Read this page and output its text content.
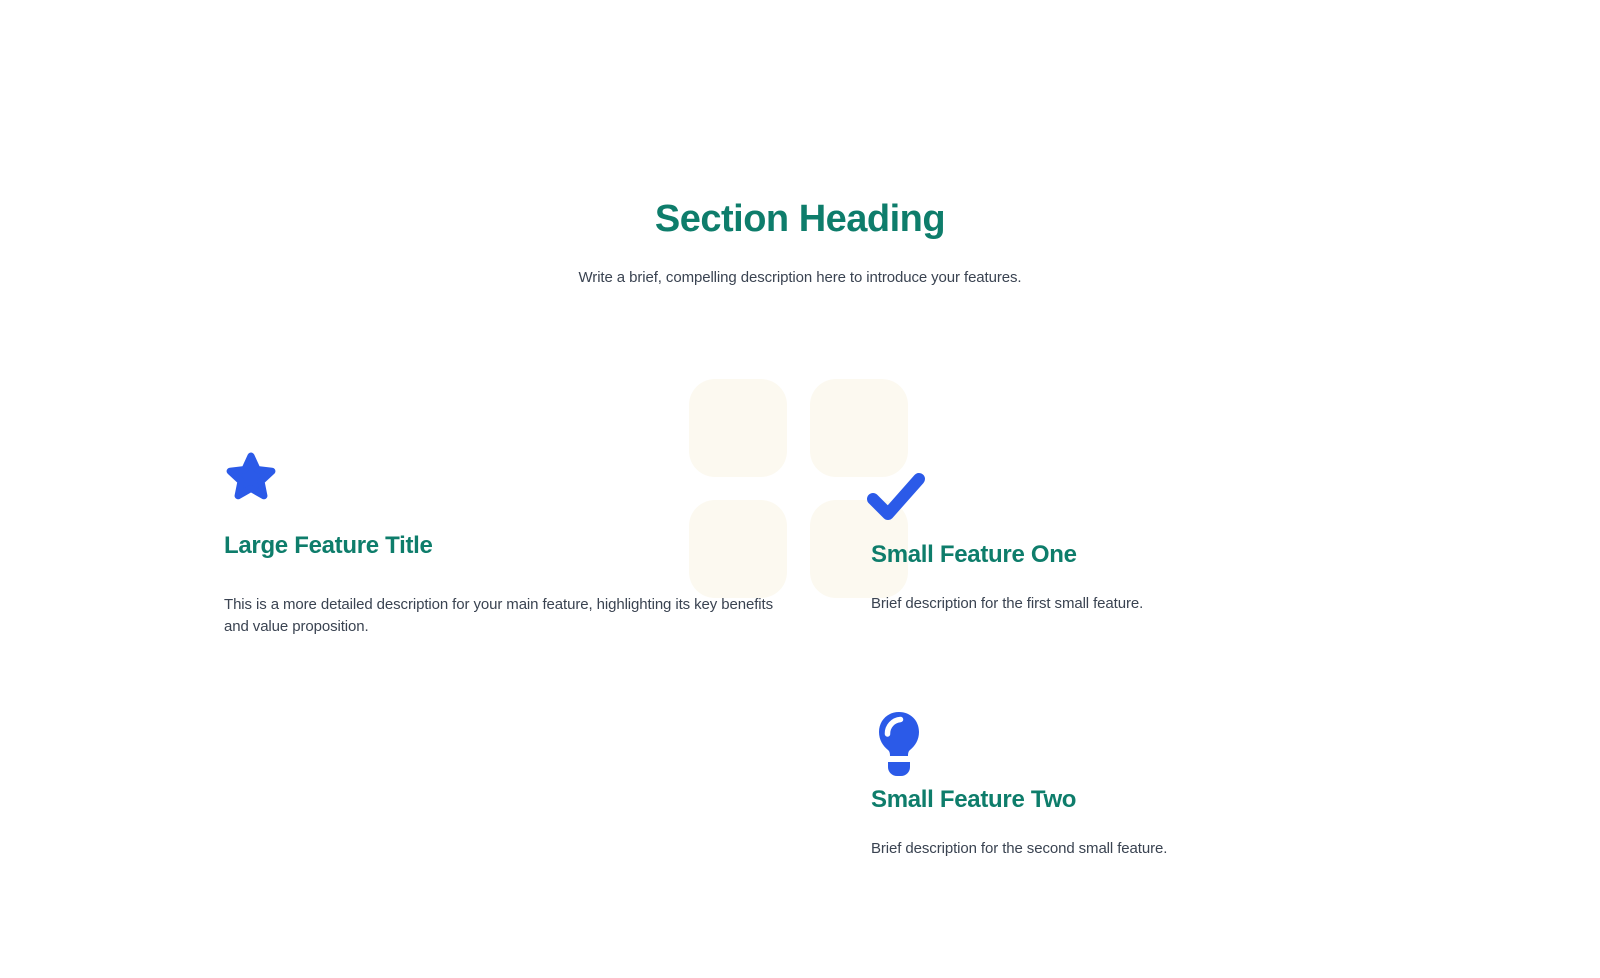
Section Heading

Write a brief, compelling description here to introduce your features.

Large Feature Title

This is a more detailed description for your main feature, highlighting its key benefits and value proposition.

Small Feature One

Brief description for the first small feature.

Small Feature Two

Brief description for the second small feature.
